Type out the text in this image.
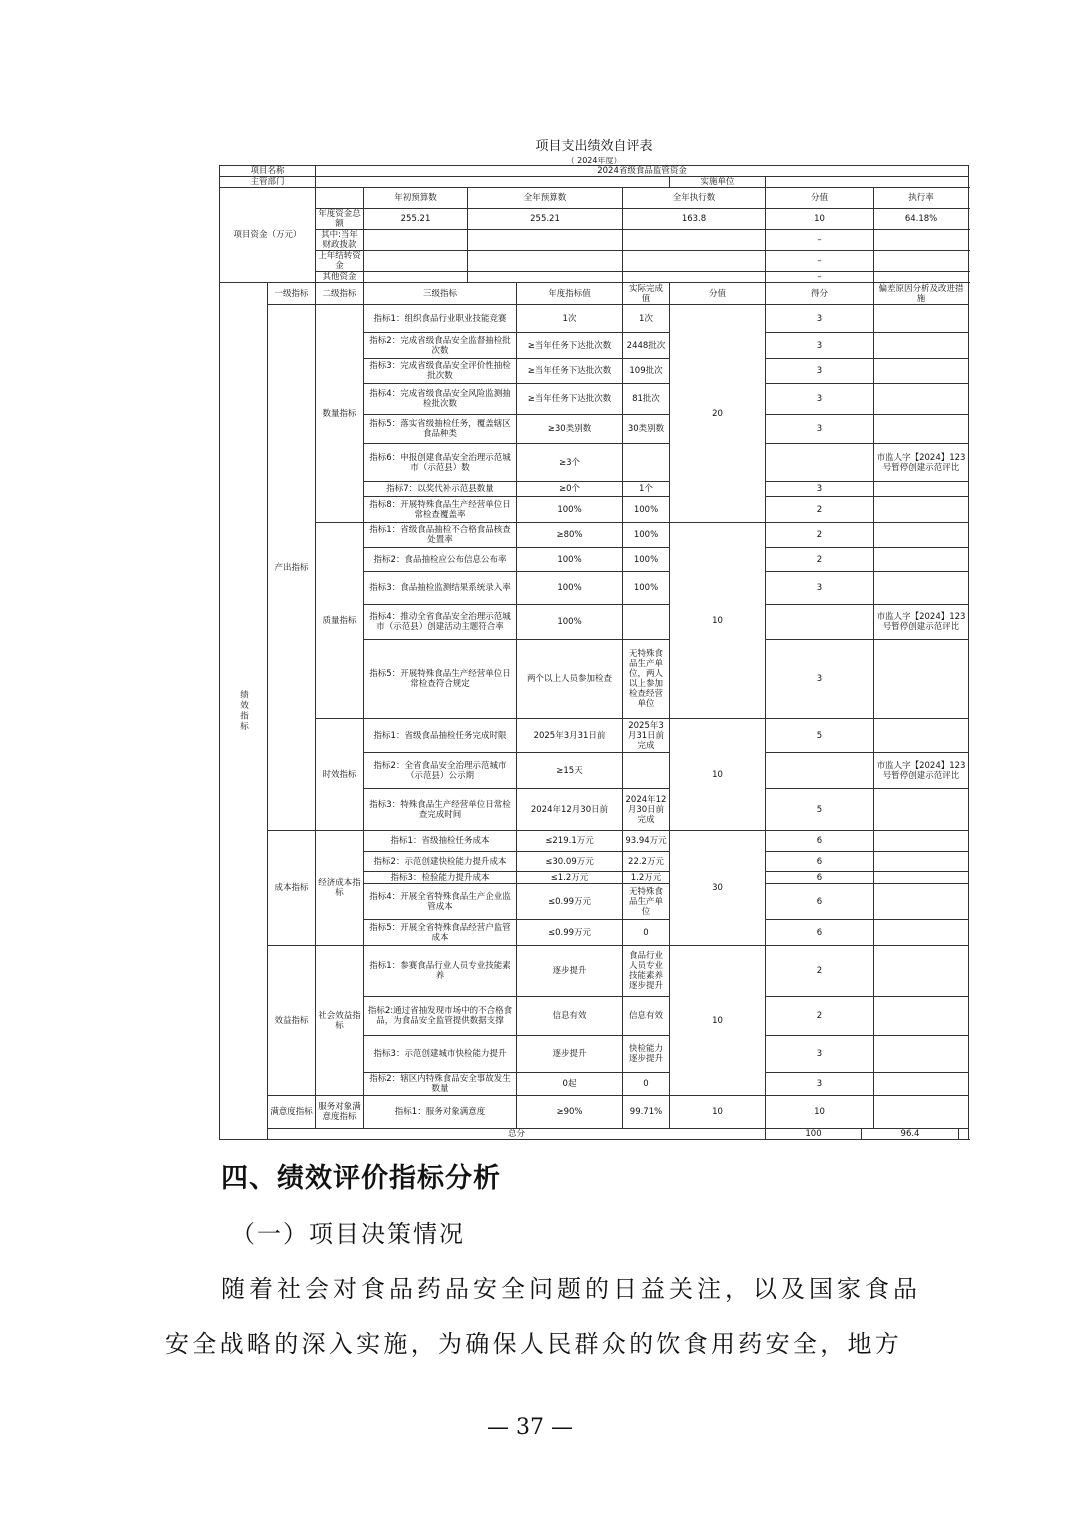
项目支出绩效自评表												
（ 2024年度）												
项目名称		2024省级食品监管资金										
主管部门							实施单位					
项目资金（万元）			年初预算数	全年预算数		全年执行数		分值		执行率	
		年度资金总额	255.21	255.21		163.8		10		64.18%	
		其中:当年财政拨款						–		
		上年结转资金						–		
		其他资金						–		
绩效指标	一级指标	二级指标	三级指标		年度指标值	实际完成值	分值	得分		偏差原因分析及改进措施		
	产出指标	数量指标	指标1：组织食品行业职业技能竞赛		1次	1次	20	3				
			指标2：完成省级食品安全监督抽检批次数		≥当年任务下达批次数	2448批次		3				
			指标3：完成省级食品安全评价性抽检批次数		≥当年任务下达批次数	109批次		3				
			指标4：完成省级食品安全风险监测抽检批次数		≥当年任务下达批次数	81批次		3				
			指标5：落实省级抽检任务，覆盖辖区食品种类		≥30类别数	30类别数		3				
			指标6：申报创建食品安全治理示范城市（示范县）数		≥3个					市监人字【2024】123号暂停创建示范评比		
			指标7：以奖代补示范县数量		≥0个	1个		3				
			指标8：开展特殊食品生产经营单位日常检查覆盖率		100%	100%		2				
		质量指标	指标1：省级食品抽检不合格食品核查处置率		≥80%	100%	10	2				
			指标2：食品抽检应公布信息公布率		100%	100%		2				
			指标3：食品抽检监测结果系统录入率		100%	100%		3				
			指标4：推动全省食品安全治理示范城市（示范县）创建活动主题符合率		100%					市监人字【2024】123号暂停创建示范评比		
			指标5：开展特殊食品生产经营单位日常检查符合规定		两个以上人员参加检查	无特殊食品生产单位，两人以上参加检查经营单位		3				
		时效指标	指标1：省级食品抽检任务完成时限		2025年3月31日前	2025年3月31日前完成	10	5				
			指标2：全省食品安全治理示范城市（示范县）公示期		≥15天					市监人字【2024】123号暂停创建示范评比		
			指标3：特殊食品生产经营单位日常检查完成时间		2024年12月30日前	2024年12月30日前完成		5				
	成本指标	经济成本指标	指标1：省级抽检任务成本		≤219.1万元	93.94万元	30	6				
			指标2：示范创建快检能力提升成本		≤30.09万元	22.2万元		6				
			指标3：检验能力提升成本		≤1.2万元	1.2万元		6				
			指标4：开展全省特殊食品生产企业监管成本		≤0.99万元	无特殊食品生产单位		6				
			指标5：开展全省特殊食品经营户监管成本		≤0.99万元	0		6				
	效益指标	社会效益指标	指标1：参赛食品行业人员专业技能素养		逐步提升	食品行业人员专业技能素养逐步提升	10	2				
			指标2:通过省抽发现市场中的不合格食品，为食品安全监管提供数据支撑		信息有效	信息有效		2				
			指标3：示范创建城市快检能力提升		逐步提升	快检能力逐步提升		3				
			指标2：辖区内特殊食品安全事故发生数量		0起	0		3				
	满意度指标	服务对象满意度指标	指标1：服务对象满意度		≥90%	99.71%	10	10				
	总分							100	96.4			
四、绩效评价指标分析
（一）项目决策情况
随着社会对食品药品安全问题的日益关注，以及国家食品
安全战略的深入实施，为确保人民群众的饮食用药安全，地方
— 37 —
